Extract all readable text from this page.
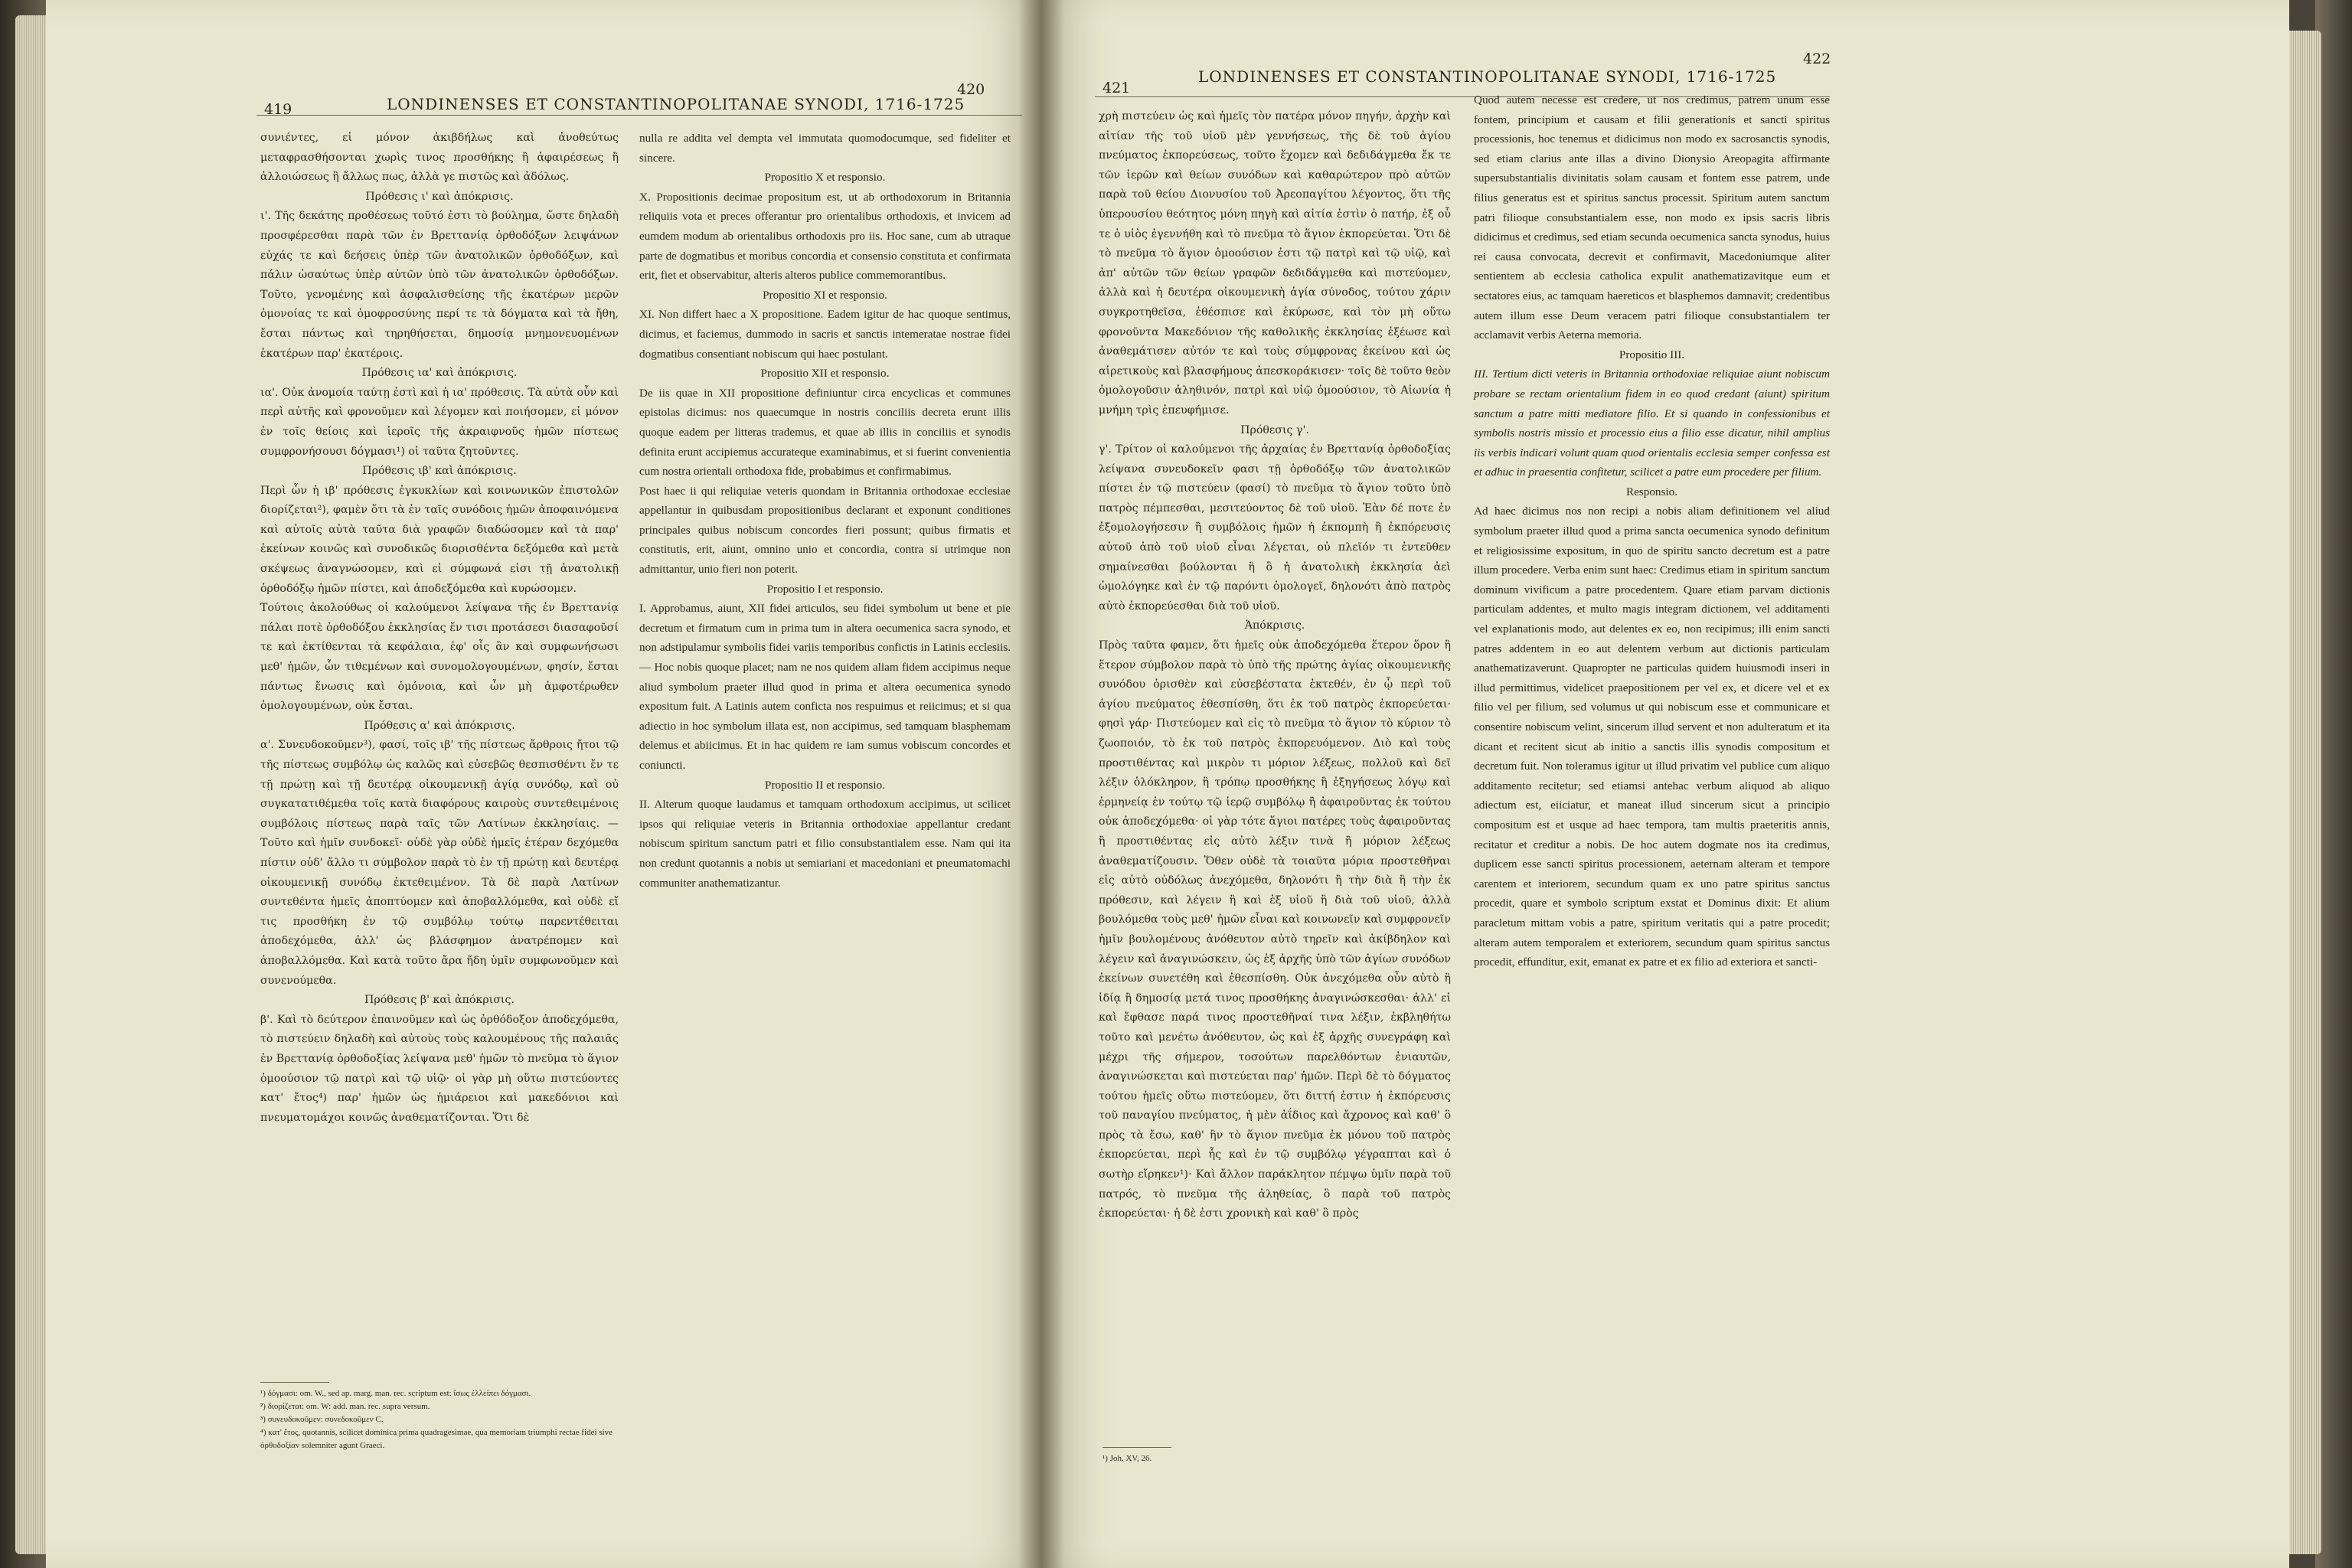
419	LONDINENSES ET CONSTANTINOPOLITANAE SYNODI, 1716-1725
420

συνιέντες, εἰ μόνον ἀκιβδήλως καὶ ἀνοθεύτως μεταφρασθήσονται χωρὶς τινος προσθήκης ἢ ἀφαιρέσεως ἢ ἀλλοιώσεως ἢ ἄλλως πως, ἀλλὰ γε πιστῶς καὶ ἀδόλως.

Πρόθεσις ι' καὶ ἀπόκρισις.

ι'. Τῆς δεκάτης προθέσεως τοῦτό ἐστι τὸ βούλημα, ὥστε δηλαδὴ προσφέρεσθαι παρὰ τῶν ἐν Βρεττανίᾳ ὀρθοδόξων λειψάνων εὐχάς τε καὶ δεήσεις ὑπὲρ τῶν ἀνατολικῶν ὀρθοδόξων, καὶ πάλιν ὡσαύτως ὑπὲρ αὐτῶν ὑπὸ τῶν ἀνατολικῶν ὀρθοδόξων. Τοῦτο, γενομένης καὶ ἀσφαλισθείσης τῆς ἑκατέρων μερῶν ὁμονοίας τε καὶ ὁμοφροσύνης περί τε τὰ δόγματα καὶ τὰ ἤθη, ἔσται πάντως καὶ τηρηθήσεται, δημοσίᾳ μνημονευομένων ἑκατέρων παρ' ἑκατέροις.

Πρόθεσις ια' καὶ ἀπόκρισις.

ια'. Οὐκ ἀνομοία ταύτῃ ἐστὶ καὶ ἡ ια' πρόθεσις. Τὰ αὐτὰ οὖν καὶ περὶ αὐτῆς καὶ φρονοῦμεν καὶ λέγομεν καὶ ποιήσομεν, εἰ μόνον ἐν τοῖς θείοις καὶ ἱεροῖς τῆς ἀκραιφνοῦς ἡμῶν πίστεως συμφρονήσουσι δόγμασι¹) οἱ ταῦτα ζητοῦντες.

Πρόθεσις ιβ' καὶ ἀπόκρισις.

Περὶ ὧν ἡ ιβ' πρόθεσις ἐγκυκλίων καὶ κοινωνικῶν ἐπιστολῶν διορίζεται²), φαμὲν ὅτι τὰ ἐν ταῖς συνόδοις ἡμῶν ἀποφαινόμενα καὶ αὐτοῖς αὐτὰ ταῦτα διὰ γραφῶν διαδώσομεν καὶ τὰ παρ' ἐκείνων κοινῶς καὶ συνοδικῶς διορισθέντα δεξόμεθα καὶ μετὰ σκέψεως ἀναγνώσομεν, καὶ εἰ σύμφωνά εἰσι τῇ ἀνατολικῇ ὀρθοδόξῳ ἡμῶν πίστει, καὶ ἀποδεξόμεθα καὶ κυρώσομεν.

Τούτοις ἀκολούθως οἱ καλούμενοι λείψανα τῆς ἐν Βρεττανίᾳ πάλαι ποτὲ ὀρθοδόξου ἐκκλησίας ἔν τισι προτάσεσι διασαφοῦσί τε καὶ ἐκτίθενται τὰ κεφάλαια, ἐφ' οἷς ἂν καὶ συμφωνήσωσι μεθ' ἡμῶν, ὧν τιθεμένων καὶ συνομολογουμένων, φησίν, ἔσται πάντως ἕνωσις καὶ ὁμόνοια, καὶ ὧν μὴ ἀμφοτέρωθεν ὁμολογουμένων, οὐκ ἔσται.

Πρόθεσις α' καὶ ἀπόκρισις.

α'. Συνευδοκοῦμεν³), φασί, τοῖς ιβ' τῆς πίστεως ἄρθροις ἤτοι τῷ τῆς πίστεως συμβόλῳ ὡς καλῶς καὶ εὐσεβῶς θεσπισθέντι ἔν τε τῇ πρώτῃ καὶ τῇ δευτέρᾳ οἰκουμενικῇ ἁγίᾳ συνόδῳ, καὶ οὐ συγκατατιθέμεθα τοῖς κατὰ διαφόρους καιροὺς συντεθειμένοις συμβόλοις πίστεως παρὰ ταῖς τῶν Λατίνων ἐκκλησίαις. — Τοῦτο καὶ ἡμῖν συνδοκεῖ· οὐδὲ γὰρ οὐδὲ ἡμεῖς ἑτέραν δεχόμεθα πίστιν οὐδ' ἄλλο τι σύμβολον παρὰ τὸ ἐν τῇ πρώτῃ καὶ δευτέρᾳ οἰκουμενικῇ συνόδῳ ἐκτεθειμένον. Τὰ δὲ παρὰ Λατίνων συντεθέντα ἡμεῖς ἀποπτύομεν καὶ ἀποβαλλόμεθα, καὶ οὐδὲ εἴ τις προσθήκη ἐν τῷ συμβόλῳ τούτῳ παρεντέθειται ἀποδεχόμεθα, ἀλλ' ὡς βλάσφημον ἀνατρέπομεν καὶ ἀποβαλλόμεθα. Καὶ κατὰ τοῦτο ἄρα ἤδη ὑμῖν συμφωνοῦμεν καὶ συνενούμεθα.

Πρόθεσις β' καὶ ἀπόκρισις.

β'. Καὶ τὸ δεύτερον ἐπαινοῦμεν καὶ ὡς ὀρθόδοξον ἀποδεχόμεθα, τὸ πιστεύειν δηλαδὴ καὶ αὐτοὺς τοὺς καλουμένους τῆς παλαιᾶς ἐν Βρεττανίᾳ ὀρθοδοξίας λείψανα μεθ' ἡμῶν τὸ πνεῦμα τὸ ἅγιον ὁμοούσιον τῷ πατρὶ καὶ τῷ υἱῷ· οἱ γὰρ μὴ οὕτω πιστεύοντες κατ' ἔτος⁴) παρ' ἡμῶν ὡς ἡμιάρειοι καὶ μακεδόνιοι καὶ πνευματομάχοι κοινῶς ἀναθεματίζονται. Ὅτι δὲ

nulla re addita vel dempta vel immutata quomodocumque, sed fideliter et sincere.

Propositio X et responsio.

X. Propositionis decimae propositum est, ut ab orthodoxorum in Britannia reliquiis vota et preces offerantur pro orientalibus orthodoxis, et invicem ad eumdem modum ab orientalibus orthodoxis pro iis. Hoc sane, cum ab utraque parte de dogmatibus et moribus concordia et consensio constituta et confirmata erit, fiet et observabitur, alteris alteros publice commemorantibus.

Propositio XI et responsio.

XI. Non differt haec a X propositione. Eadem igitur de hac quoque sentimus, dicimus, et faciemus, dummodo in sacris et sanctis intemeratae nostrae fidei dogmatibus consentiant nobiscum qui haec postulant.

Propositio XII et responsio.

De iis quae in XII propositione definiuntur circa encyclicas et communes epistolas dicimus: nos quaecumque in nostris conciliis decreta erunt illis quoque eadem per litteras trademus, et quae ab illis in conciliis et synodis definita erunt accipiemus accurateque examinabimus, et si fuerint convenientia cum nostra orientali orthodoxa fide, probabimus et confirmabimus.

Post haec ii qui reliquiae veteris quondam in Britannia orthodoxae ecclesiae appellantur in quibusdam propositionibus declarant et exponunt conditiones principales quibus nobiscum concordes fieri possunt; quibus firmatis et constitutis, erit, aiunt, omnino unio et concordia, contra si utrimque non admittantur, unio fieri non poterit.

Propositio I et responsio.

I. Approbamus, aiunt, XII fidei articulos, seu fidei symbolum ut bene et pie decretum et firmatum cum in prima tum in altera oecumenica sacra synodo, et non adstipulamur symbolis fidei variis temporibus confictis in Latinis ecclesiis. — Hoc nobis quoque placet; nam ne nos quidem aliam fidem accipimus neque aliud symbolum praeter illud quod in prima et altera oecumenica synodo expositum fuit. A Latinis autem conficta nos respuimus et reiicimus; et si qua adiectio in hoc symbolum illata est, non accipimus, sed tamquam blasphemam delemus et abiicimus. Et in hac quidem re iam sumus vobiscum concordes et coniuncti.

Propositio II et responsio.

II. Alterum quoque laudamus et tamquam orthodoxum accipimus, ut scilicet ipsos qui reliquiae veteris in Britannia orthodoxiae appellantur credant nobiscum spiritum sanctum patri et filio consubstantialem esse. Nam qui ita non credunt quotannis a nobis ut semiariani et macedoniani et pneumatomachi communiter anathematizantur.

¹) δόγμασι: om. W., sed ap. marg. man. rec. scriptum est: ἴσως ἐλλείπει δόγμασι.
²) διορίζεται: om. W: add. man. rec. supra versum.
³) συνευδοκοῦμεν: συνεδοκοῦμεν C.
⁴) κατ' ἔτος, quotannis, scilicet dominica prima quadragesimae, qua memoriam triumphi rectae fidei sive ὀρθοδοξίαν solemniter agunt Graeci.
421
LONDINENSES ET CONSTANTINOPOLITANAE SYNODI, 1716-1725
422

χρὴ πιστεύειν ὡς καὶ ἡμεῖς τὸν πατέρα μόνον πηγήν, ἀρχὴν καὶ αἰτίαν τῆς τοῦ υἱοῦ μὲν γεννήσεως, τῆς δὲ τοῦ ἁγίου πνεύματος ἐκπορεύσεως, τοῦτο ἔχομεν καὶ δεδιδάγμεθα ἔκ τε τῶν ἱερῶν καὶ θείων συνόδων καὶ καθαρώτερον πρὸ αὐτῶν παρὰ τοῦ θείου Διονυσίου τοῦ Ἀρεοπαγίτου λέγοντος, ὅτι τῆς ὑπερουσίου θεότητος μόνη πηγὴ καὶ αἰτία ἐστὶν ὁ πατήρ, ἐξ οὗ τε ὁ υἱὸς ἐγεννήθη καὶ τὸ πνεῦμα τὸ ἅγιον ἐκπορεύεται. Ὅτι δὲ τὸ πνεῦμα τὸ ἅγιον ὁμοούσιον ἐστι τῷ πατρὶ καὶ τῷ υἱῷ, καὶ ἀπ' αὐτῶν τῶν θείων γραφῶν δεδιδάγμεθα καὶ πιστεύομεν, ἀλλὰ καὶ ἡ δευτέρα οἰκουμενικὴ ἁγία σύνοδος, τούτου χάριν συγκροτηθεῖσα, ἐθέσπισε καὶ ἐκύρωσε, καὶ τὸν μὴ οὕτω φρονοῦντα Μακεδόνιον τῆς καθολικῆς ἐκκλησίας ἐξέωσε καὶ ἀναθεμάτισεν αὐτόν τε καὶ τοὺς σύμφρονας ἐκείνου καὶ ὡς αἱρετικοὺς καὶ βλασφήμους ἀπεσκοράκισεν· τοῖς δὲ τοῦτο θεὸν ὁμολογοῦσιν ἀληθινόν, πατρὶ καὶ υἱῷ ὁμοούσιον, τὸ Αἰωνία ἡ μνήμη τρὶς ἐπευφήμισε.

Πρόθεσις γ'.

γ'. Τρίτον οἱ καλούμενοι τῆς ἀρχαίας ἐν Βρεττανίᾳ ὀρθοδοξίας λείψανα συνευδοκεῖν φασι τῇ ὀρθοδόξῳ τῶν ἀνατολικῶν πίστει ἐν τῷ πιστεύειν (φασί) τὸ πνεῦμα τὸ ἅγιον τοῦτο ὑπὸ πατρὸς πέμπεσθαι, μεσιτεύοντος δὲ τοῦ υἱοῦ. Ἐὰν δέ ποτε ἐν ἐξομολογήσεσιν ἢ συμβόλοις ἡμῶν ἡ ἐκπομπὴ ἢ ἐκπόρευσις αὐτοῦ ἀπὸ τοῦ υἱοῦ εἶναι λέγεται, οὐ πλεῖόν τι ἐντεῦθεν σημαίνεσθαι βούλονται ἢ ὃ ἡ ἀνατολικὴ ἐκκλησία ἀεὶ ὡμολόγηκε καὶ ἐν τῷ παρόντι ὁμολογεῖ, δηλονότι ἀπὸ πατρὸς αὐτὸ ἐκπορεύεσθαι διὰ τοῦ υἱοῦ.

Ἀπόκρισις.

Πρὸς ταῦτα φαμεν, ὅτι ἡμεῖς οὐκ ἀποδεχόμεθα ἕτερον ὅρον ἢ ἕτερον σύμβολον παρὰ τὸ ὑπὸ τῆς πρώτης ἁγίας οἰκουμενικῆς συνόδου ὁρισθὲν καὶ εὐσεβέστατα ἐκτεθέν, ἐν ᾧ περὶ τοῦ ἁγίου πνεύματος ἐθεσπίσθη, ὅτι ἐκ τοῦ πατρὸς ἐκπορεύεται· φησὶ γάρ· Πιστεύομεν καὶ εἰς τὸ πνεῦμα τὸ ἅγιον τὸ κύριον τὸ ζωοποιόν, τὸ ἐκ τοῦ πατρὸς ἐκπορευόμενον. Διὸ καὶ τοὺς προστιθέντας καὶ μικρὸν τι μόριον λέξεως, πολλοῦ καὶ δεῖ λέξιν ὁλόκληρον, ἢ τρόπῳ προσθήκης ἢ ἐξηγήσεως λόγῳ καὶ ἑρμηνείᾳ ἐν τούτῳ τῷ ἱερῷ συμβόλῳ ἢ ἀφαιροῦντας ἐκ τούτου οὐκ ἀποδεχόμεθα· οἱ γὰρ τότε ἅγιοι πατέρες τοὺς ἀφαιροῦντας ἢ προστιθέντας εἰς αὐτὸ λέξιν τινὰ ἢ μόριον λέξεως ἀναθεματίζουσιν. Ὅθεν οὐδὲ τὰ τοιαῦτα μόρια προστεθῆναι εἰς αὐτὸ οὐδόλως ἀνεχόμεθα, δηλονότι ἢ τὴν διὰ ἢ τὴν ἐκ πρόθεσιν, καὶ λέγειν ἢ καὶ ἐξ υἱοῦ ἢ διὰ τοῦ υἱοῦ, ἀλλὰ βουλόμεθα τοὺς μεθ' ἡμῶν εἶναι καὶ κοινωνεῖν καὶ συμφρονεῖν ἡμῖν βουλομένους ἀνόθευτον αὐτὸ τηρεῖν καὶ ἀκίβδηλον καὶ λέγειν καὶ ἀναγινώσκειν, ὡς ἐξ ἀρχῆς ὑπὸ τῶν ἁγίων συνόδων ἐκείνων συνετέθη καὶ ἐθεσπίσθη. Οὐκ ἀνεχόμεθα οὖν αὐτὸ ἢ ἰδίᾳ ἢ δημοσίᾳ μετά τινος προσθήκης ἀναγινώσκεσθαι· ἀλλ' εἰ καὶ ἔφθασε παρά τινος προστεθῆναί τινα λέξιν, ἐκβληθήτω τοῦτο καὶ μενέτω ἀνόθευτον, ὡς καὶ ἐξ ἀρχῆς συνεγράφη καὶ μέχρι τῆς σήμερον, τοσούτων παρελθόντων ἐνιαυτῶν, ἀναγινώσκεται καὶ πιστεύεται παρ' ἡμῶν. Περὶ δὲ τὸ δόγματος τούτου ἡμεῖς οὕτω πιστεύομεν, ὅτι διττή ἐστιν ἡ ἐκπόρευσις τοῦ παναγίου πνεύματος, ἡ μὲν ἀΐδιος καὶ ἄχρονος καὶ καθ' ὃ πρὸς τὰ ἔσω, καθ' ἣν τὸ ἅγιον πνεῦμα ἐκ μόνου τοῦ πατρὸς ἐκπορεύεται, περὶ ἧς καὶ ἐν τῷ συμβόλῳ γέγραπται καὶ ὁ σωτὴρ εἴρηκεν¹)· Καὶ ἄλλον παράκλητον πέμψω ὑμῖν παρὰ τοῦ πατρός, τὸ πνεῦμα τῆς ἀληθείας, ὃ παρὰ τοῦ πατρὸς ἐκπορεύεται· ἡ δὲ ἐστι χρονικὴ καὶ καθ' ὃ πρὸς

Quod autem necesse est credere, ut nos credimus, patrem unum esse fontem, principium et causam et filii generationis et sancti spiritus processionis, hoc tenemus et didicimus non modo ex sacrosanctis synodis, sed etiam clarius ante illas a divino Dionysio Areopagita affirmante supersubstantialis divinitatis solam causam et fontem esse patrem, unde filius generatus est et spiritus sanctus processit. Spiritum autem sanctum patri filioque consubstantialem esse, non modo ex ipsis sacris libris didicimus et credimus, sed etiam secunda oecumenica sancta synodus, huius rei causa convocata, decrevit et confirmavit, Macedoniumque aliter sentientem ab ecclesia catholica expulit anathematizavitque eum et sectatores eius, ac tamquam haereticos et blasphemos damnavit; credentibus autem illum esse Deum veracem patri filioque consubstantialem ter acclamavit verbis Aeterna memoria.

Propositio III.

III. Tertium dicti veteris in Britannia orthodoxiae reliquiae aiunt nobiscum probare se rectam orientalium fidem in eo quod credant (aiunt) spiritum sanctum a patre mitti mediatore filio. Et si quando in confessionibus et symbolis nostris missio et processio eius a filio esse dicatur, nihil amplius iis verbis indicari volunt quam quod orientalis ecclesia semper confessa est et adhuc in praesentia confitetur, scilicet a patre eum procedere per filium.

Responsio.

Ad haec dicimus nos non recipi a nobis aliam definitionem vel aliud symbolum praeter illud quod a prima sancta oecumenica synodo definitum et religiosissime expositum, in quo de spiritu sancto decretum est a patre illum procedere. Verba enim sunt haec: Credimus etiam in spiritum sanctum dominum vivificum a patre procedentem. Quare etiam parvam dictionis particulam addentes, et multo magis integram dictionem, vel additamenti vel explanationis modo, aut delentes ex eo, non recipimus; illi enim sancti patres addentem in eo aut delentem verbum aut dictionis particulam anathematizaverunt. Quapropter ne particulas quidem huiusmodi inseri in illud permittimus, videlicet praepositionem per vel ex, et dicere vel et ex filio vel per filium, sed volumus ut qui nobiscum esse et communicare et consentire nobiscum velint, sincerum illud servent et non adulteratum et ita dicant et recitent sicut ab initio a sanctis illis synodis compositum et decretum fuit. Non toleramus igitur ut illud privatim vel publice cum aliquo additamento recitetur; sed etiamsi antehac verbum aliquod ab aliquo adiectum est, eiiciatur, et maneat illud sincerum sicut a principio compositum est et usque ad haec tempora, tam multis praeteritis annis, recitatur et creditur a nobis. De hoc autem dogmate nos ita credimus, duplicem esse sancti spiritus processionem, aeternam alteram et tempore carentem et interiorem, secundum quam ex uno patre spiritus sanctus procedit, quare et symbolo scriptum exstat et Dominus dixit: Et alium paracletum mittam vobis a patre, spiritum veritatis qui a patre procedit; alteram autem temporalem et exteriorem, secundum quam spiritus sanctus procedit, effunditur, exit, emanat ex patre et ex filio ad exteriora et sancti-

¹) Joh. XV, 26.
